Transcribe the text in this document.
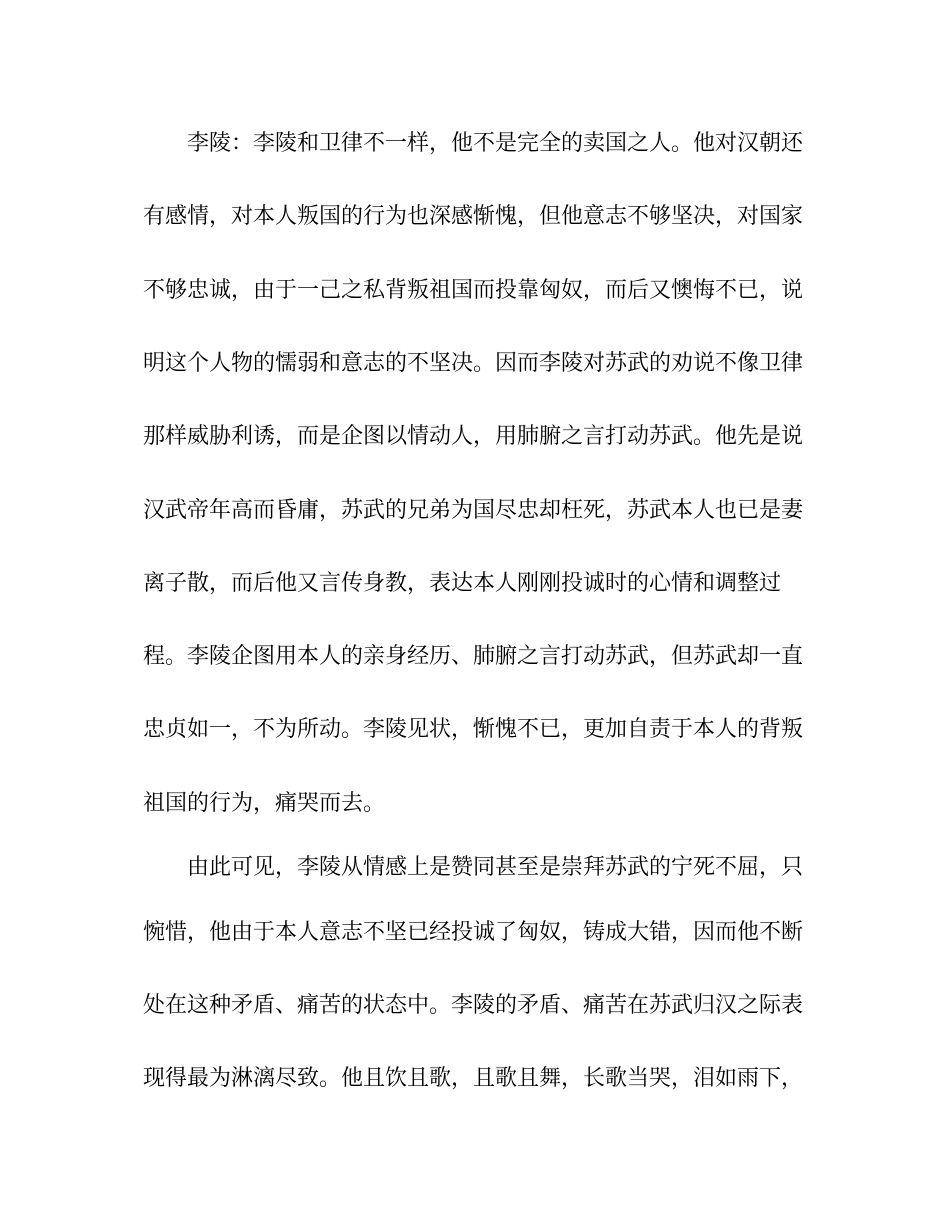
李陵：李陵和卫律不一样，他不是完全的卖国之人。他对汉朝还
有感情，对本人叛国的行为也深感惭愧，但他意志不够坚决，对国家
不够忠诚，由于一己之私背叛祖国而投靠匈奴，而后又懊悔不已，说
明这个人物的懦弱和意志的不坚决。因而李陵对苏武的劝说不像卫律
那样威胁利诱，而是企图以情动人，用肺腑之言打动苏武。他先是说
汉武帝年高而昏庸，苏武的兄弟为国尽忠却枉死，苏武本人也已是妻
离子散，而后他又言传身教，表达本人刚刚投诚时的心情和调整过
程。李陵企图用本人的亲身经历、肺腑之言打动苏武，但苏武却一直
忠贞如一，不为所动。李陵见状，惭愧不已，更加自责于本人的背叛
祖国的行为，痛哭而去。
由此可见，李陵从情感上是赞同甚至是崇拜苏武的宁死不屈，只
惋惜，他由于本人意志不坚已经投诚了匈奴，铸成大错，因而他不断
处在这种矛盾、痛苦的状态中。李陵的矛盾、痛苦在苏武归汉之际表
现得最为淋漓尽致。他且饮且歌，且歌且舞，长歌当哭，泪如雨下，
